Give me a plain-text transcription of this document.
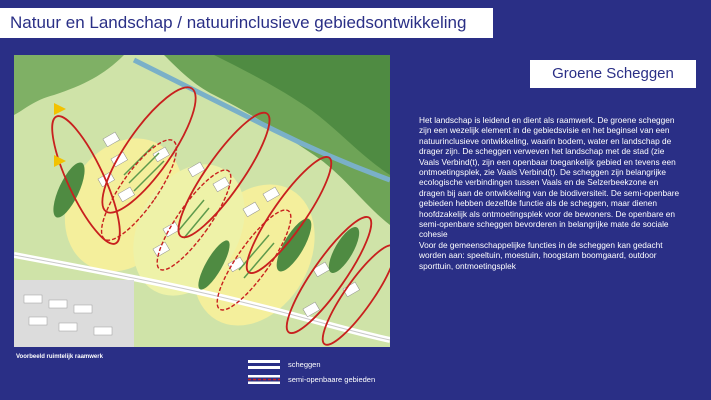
Natuur en Landschap / natuurinclusieve gebiedsontwikkeling
Groene Scheggen

Het landschap is leidend en dient als raamwerk. De groene scheggen zijn een wezelijk element in de gebiedsvisie en het beginsel van een natuurinclusieve ontwikkeling, waarin bodem, water en landschap de drager zijn. De scheggen verweven het landschap met de stad (zie Vaals Verbind(t), zijn een openbaar toegankelijk gebied en tevens een ontmoetingsplek, zie Vaals Verbind(t). De scheggen zijn belangrijke ecologische verbindingen tussen Vaals en de Selzerbeekzone en dragen bij aan de ontwikkeling van de biodiversiteit. De semi-openbare gebieden hebben dezelfde functie als de scheggen, maar dienen hoofdzakelijk als ontmoetingsplek voor de bewoners. De openbare en semi-openbare scheggen bevorderen in belangrijke mate de sociale cohesie

Voor de gemeenschappelijke functies in de scheggen kan gedacht worden aan: speeltuin, moestuin, hoogstam boomgaard, outdoor sporttuin, ontmoetingsplek

Voorbeeld ruimtelijk raamwerk
scheggen
semi-openbaare gebieden
